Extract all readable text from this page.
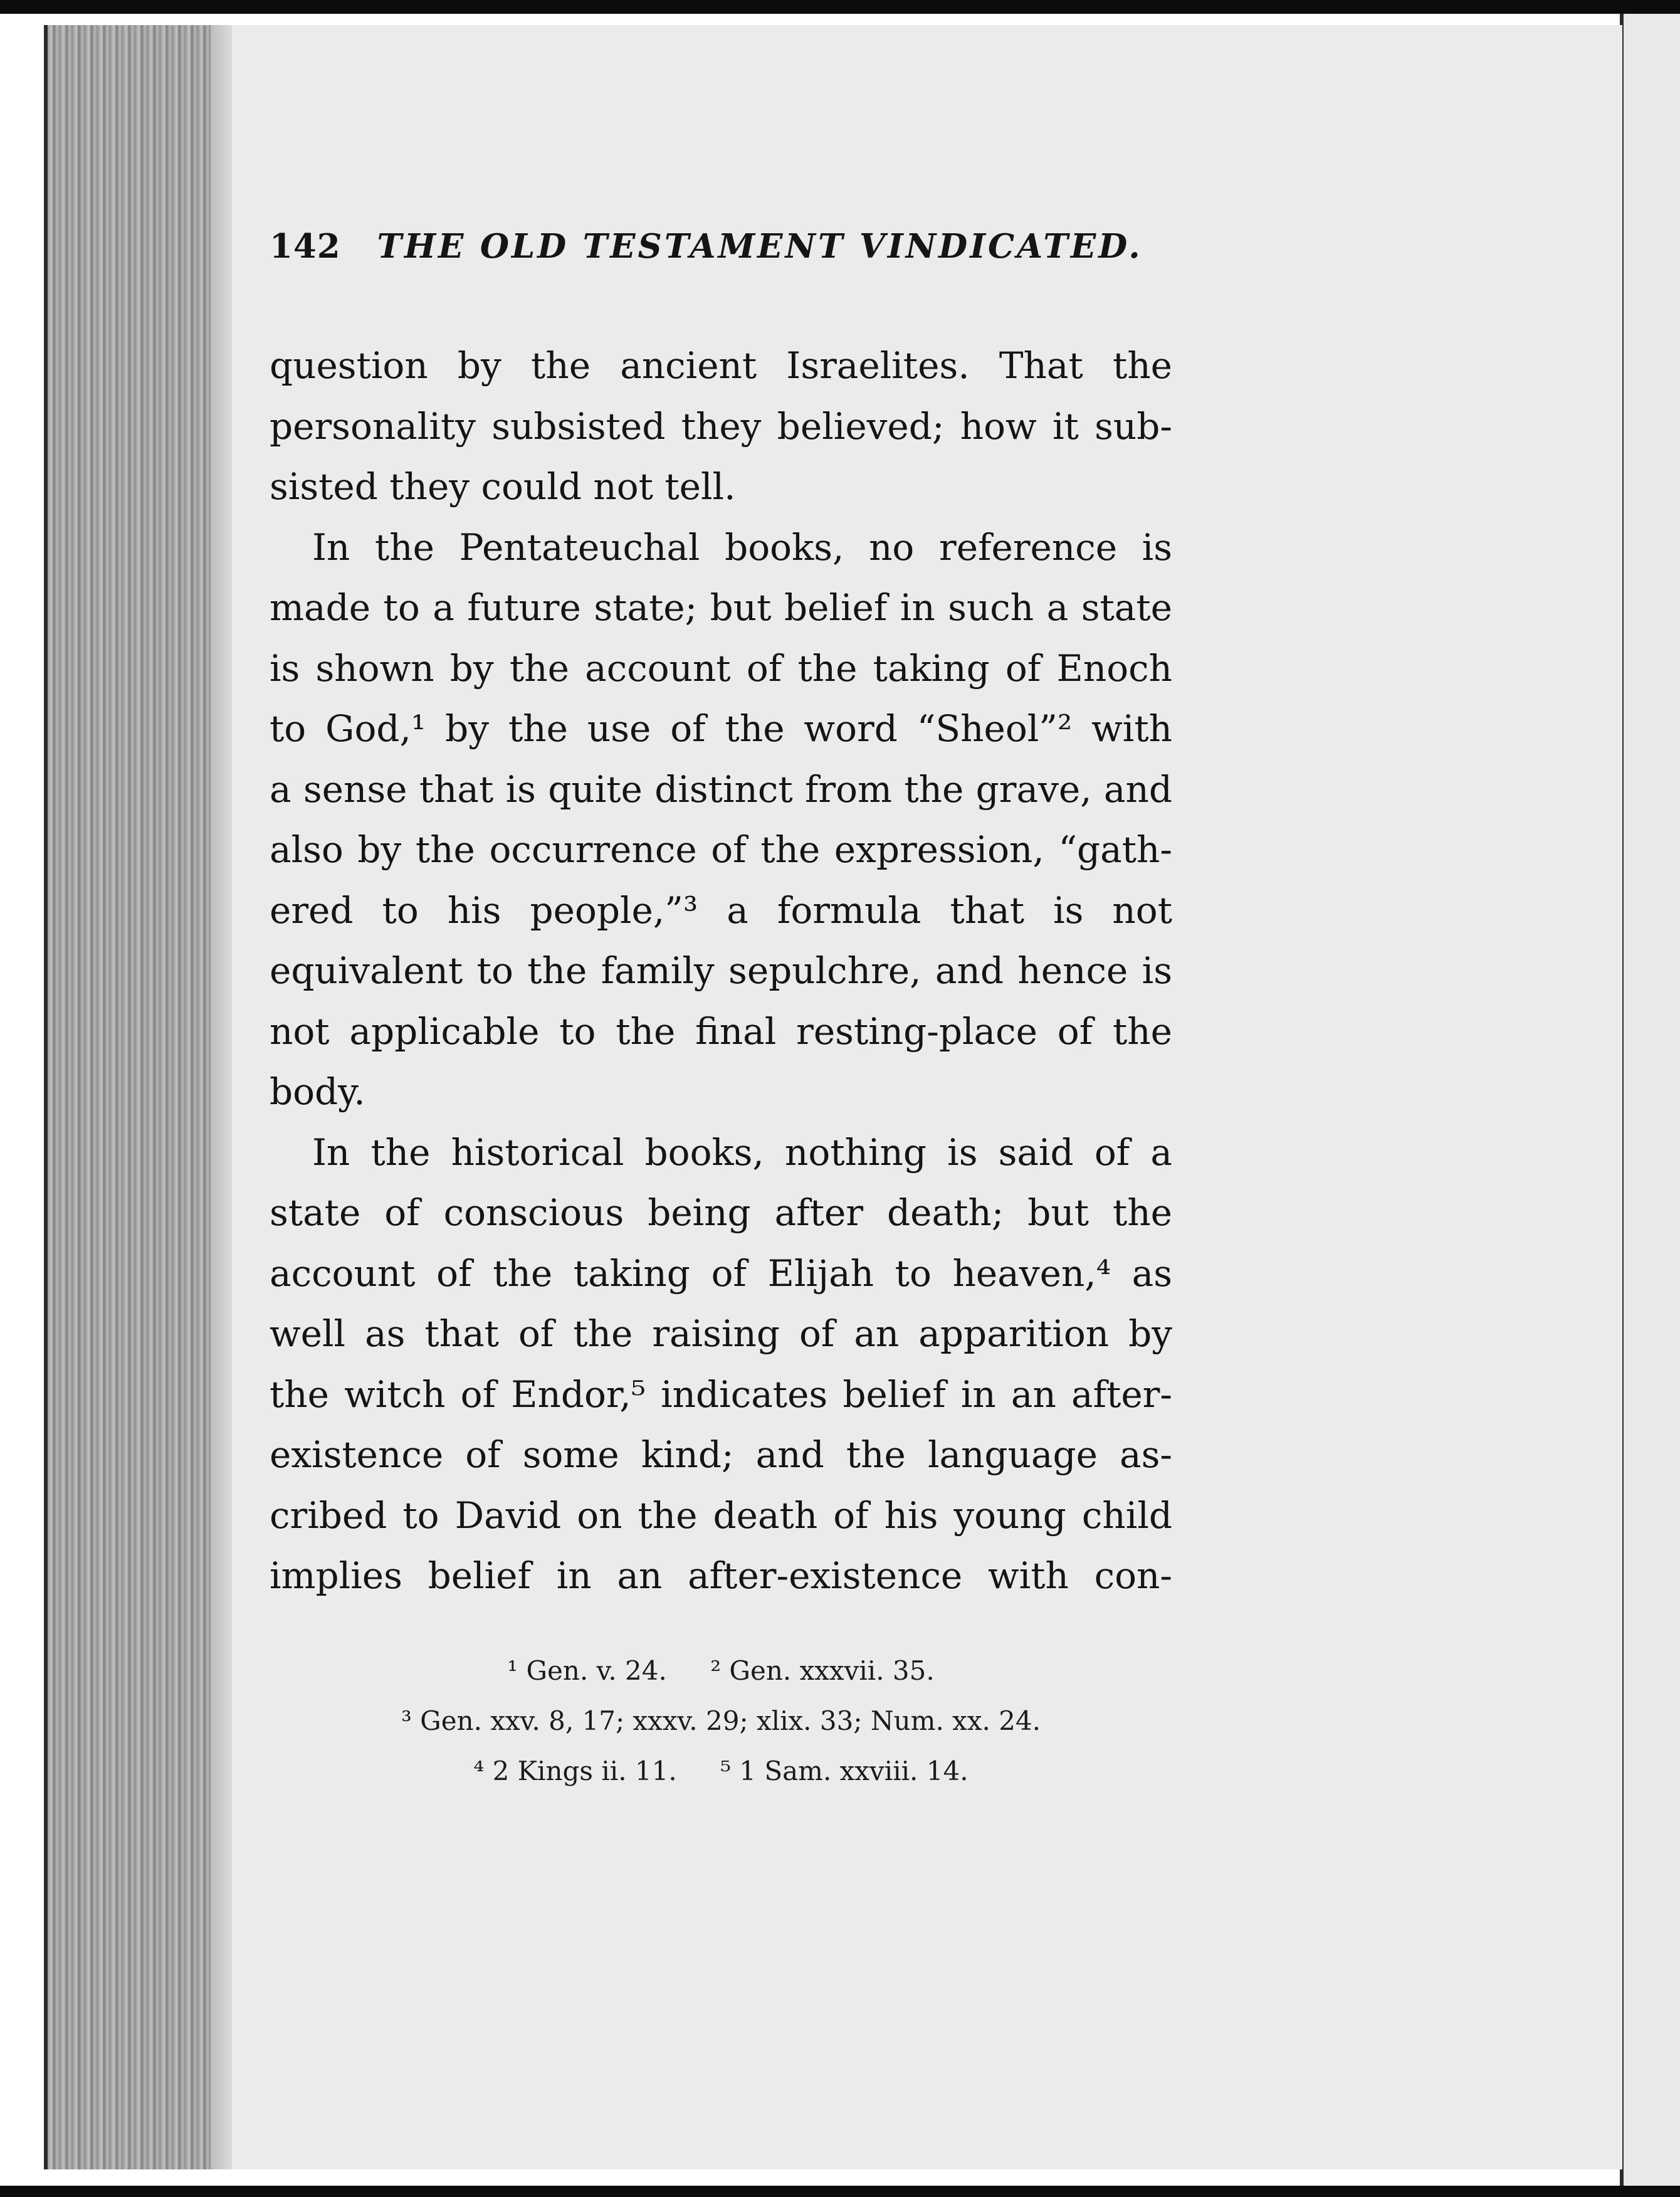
142 THE OLD TESTAMENT VINDICATED.
question by the ancient Israelites. That the
personality subsisted they believed; how it sub-
sisted they could not tell.
In the Pentateuchal books, no reference is
made to a future state; but belief in such a state
is shown by the account of the taking of Enoch
to God,¹ by the use of the word “Sheol”² with
a sense that is quite distinct from the grave, and
also by the occurrence of the expression, “gath-
ered to his people,”³ a formula that is not
equivalent to the family sepulchre, and hence is
not applicable to the final resting-place of the
body.
In the historical books, nothing is said of a
state of conscious being after death; but the
account of the taking of Elijah to heaven,⁴ as
well as that of the raising of an apparition by
the witch of Endor,⁵ indicates belief in an after-
existence of some kind; and the language as-
cribed to David on the death of his young child
implies belief in an after-existence with con-
¹ Gen. v. 24. ² Gen. xxxvii. 35.
³ Gen. xxv. 8, 17; xxxv. 29; xlix. 33; Num. xx. 24.
⁴ 2 Kings ii. 11. ⁵ 1 Sam. xxviii. 14.
